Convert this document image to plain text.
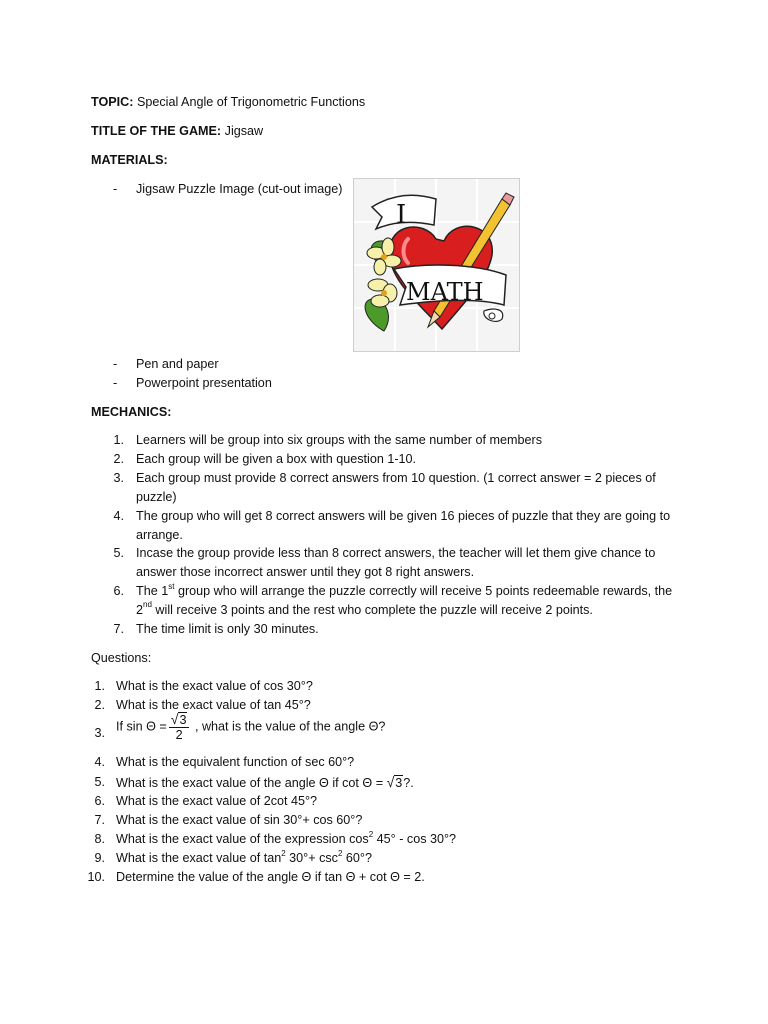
TOPIC: Special Angle of Trigonometric Functions
TITLE OF THE GAME: Jigsaw
MATERIALS:
- Jigsaw Puzzle Image (cut-out image)
I
MATH
- Pen and paper
- Powerpoint presentation
MECHANICS:
1. Learners will be group into six groups with the same number of members
2. Each group will be given a box with question 1-10.
3. Each group must provide 8 correct answers from 10 question. (1 correct answer = 2 pieces of puzzle)
4. The group who will get 8 correct answers will be given 16 pieces of puzzle that they are going to arrange.
5. Incase the group provide less than 8 correct answers, the teacher will let them give chance to answer those incorrect answer until they got 8 right answers.
6. The 1st group who will arrange the puzzle correctly will receive 5 points redeemable rewards, the 2nd will receive 3 points and the rest who complete the puzzle will receive 2 points.
7. The time limit is only 30 minutes.
Questions:
1. What is the exact value of cos 30°?
2. What is the exact value of tan 45°?
3. If $\sin \Theta = \frac{√3}{2}$ , what is the value of the angle Θ?
4. What is the equivalent function of sec 60°?
5. What is the exact value of the angle Θ if cot Θ = √3?.
6. What is the exact value of 2cot 45°?
7. What is the exact value of sin 30°+ cos 60°?
8. What is the exact value of the expression $\cos^2 45^\circ$ - cos 30°?
9. What is the exact value of $\tan^2 30^\circ+ \csc^2 60^\circ$?
10. Determine the value of the angle Θ if tan Θ + cot Θ = 2.
